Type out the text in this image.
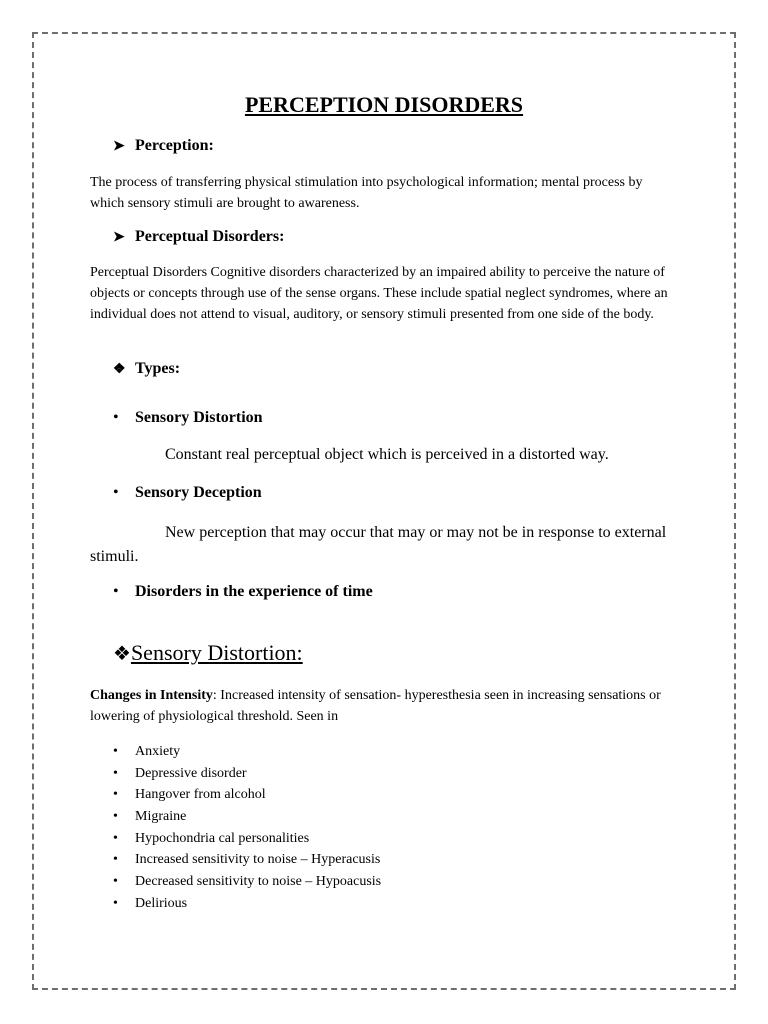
PERCEPTION DISORDERS
➤ Perception:
The process of transferring physical stimulation into psychological information; mental process by which sensory stimuli are brought to awareness.
➤ Perceptual Disorders:
Perceptual Disorders Cognitive disorders characterized by an impaired ability to perceive the nature of objects or concepts through use of the sense organs. These include spatial neglect syndromes, where an individual does not attend to visual, auditory, or sensory stimuli presented from one side of the body.
❖ Types:
• Sensory Distortion
Constant real perceptual object which is perceived in a distorted way.
• Sensory Deception
New perception that may occur that may or may not be in response to external stimuli.
• Disorders in the experience of time
❖Sensory Distortion:
Changes in Intensity: Increased intensity of sensation- hyperesthesia seen in increasing sensations or lowering of physiological threshold. Seen in
• Anxiety
• Depressive disorder
• Hangover from alcohol
• Migraine
• Hypochondria cal personalities
• Increased sensitivity to noise – Hyperacusis
• Decreased sensitivity to noise – Hypoacusis
• Delirious
